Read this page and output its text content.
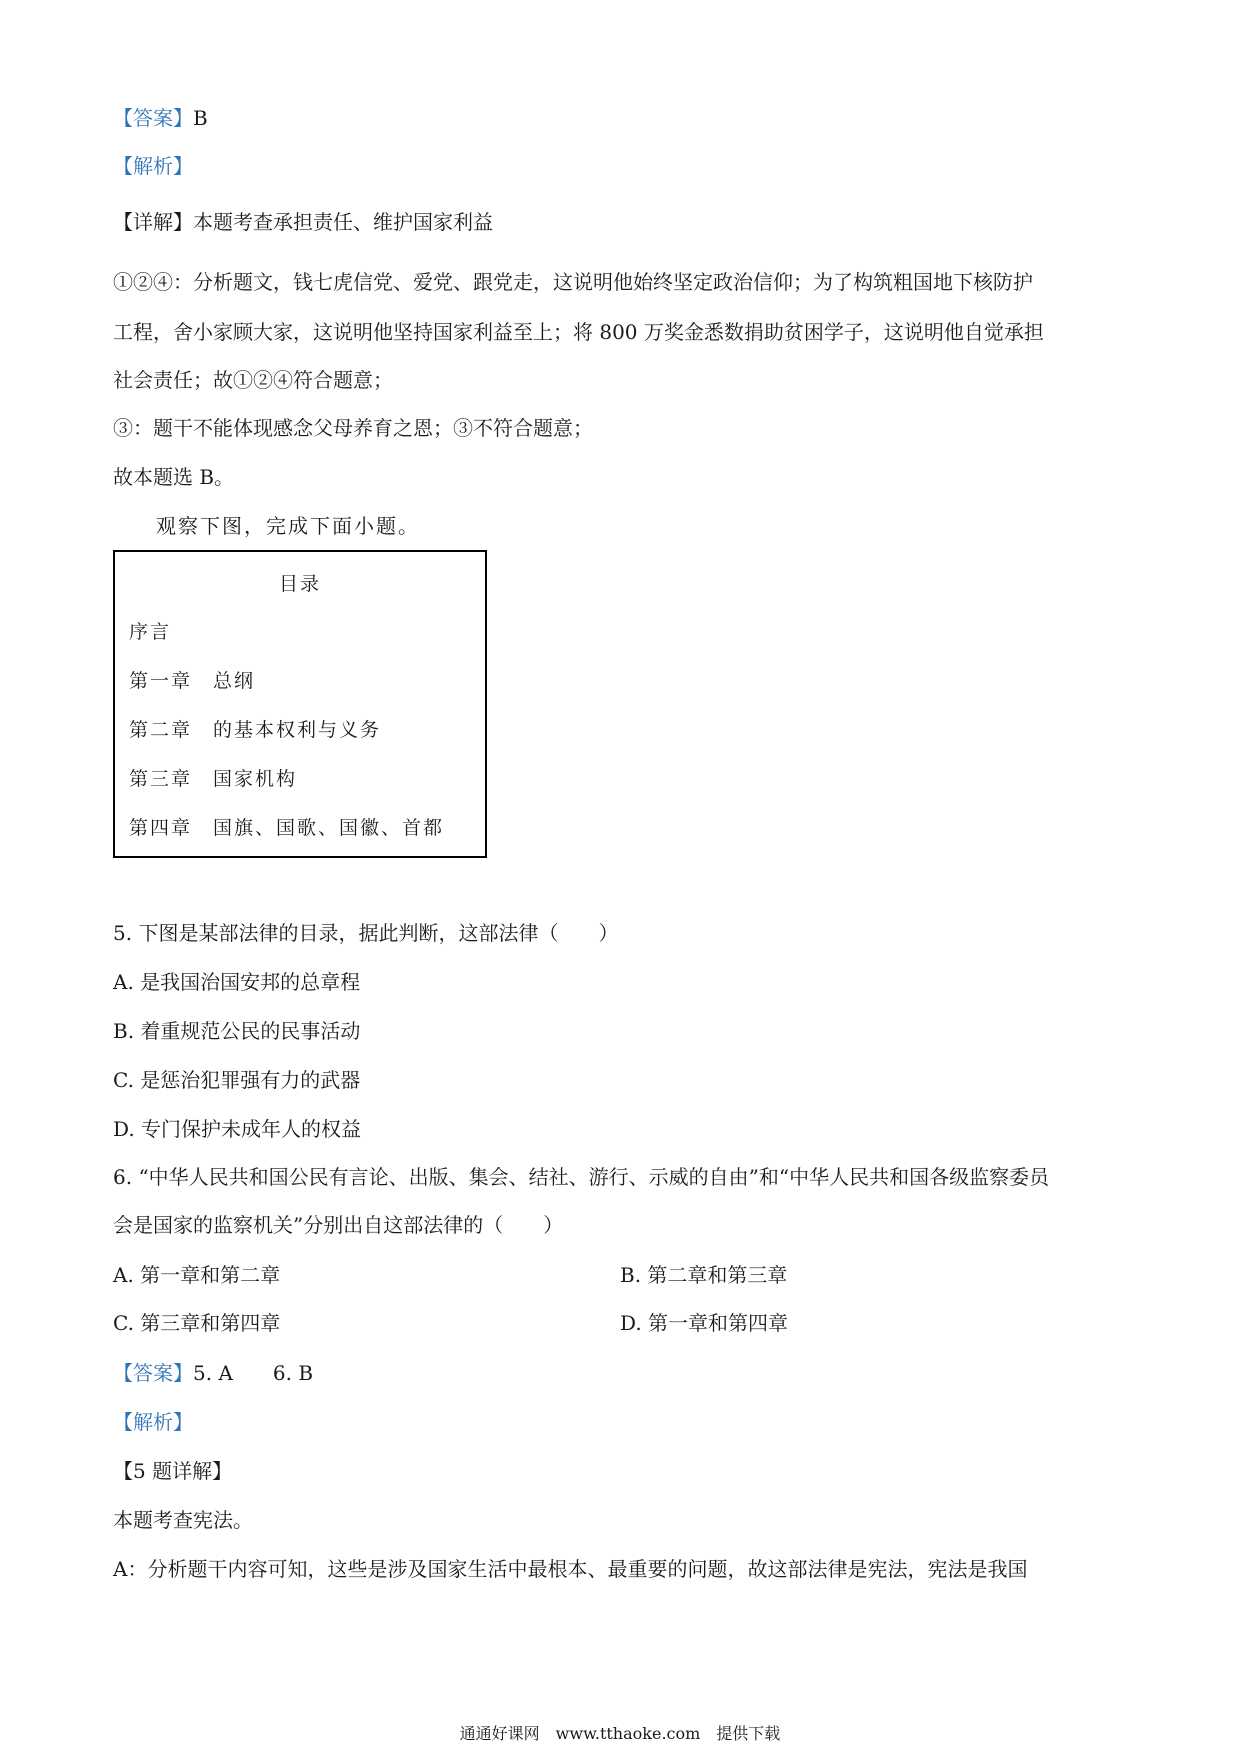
【答案】B
【解析】
【详解】本题考查承担责任、维护国家利益
①②④：分析题文，钱七虎信党、爱党、跟党走，这说明他始终坚定政治信仰；为了构筑粗国地下核防护
工程，舍小家顾大家，这说明他坚持国家利益至上；将 800 万奖金悉数捐助贫困学子，这说明他自觉承担
社会责任；故①②④符合题意；
③：题干不能体现感念父母养育之恩；③不符合题意；
故本题选 B。
观察下图，完成下面小题。
目录
序言
第一章　总纲
第二章　的基本权利与义务
第三章　国家机构
第四章　国旗、国歌、国徽、首都
5. 下图是某部法律的目录，据此判断，这部法律（　　）
A. 是我国治国安邦的总章程
B. 着重规范公民的民事活动
C. 是惩治犯罪强有力的武器
D. 专门保护未成年人的权益
6. “中华人民共和国公民有言论、出版、集会、结社、游行、示威的自由”和“中华人民共和国各级监察委员
会是国家的监察机关”分别出自这部法律的（　　）
A. 第一章和第二章	B. 第二章和第三章
C. 第三章和第四章	D. 第一章和第四章
【答案】5. A　　6. B
【解析】
【5 题详解】
本题考查宪法。
A：分析题干内容可知，这些是涉及国家生活中最根本、最重要的问题，故这部法律是宪法，宪法是我国
通通好课网　www.tthaoke.com　提供下载
